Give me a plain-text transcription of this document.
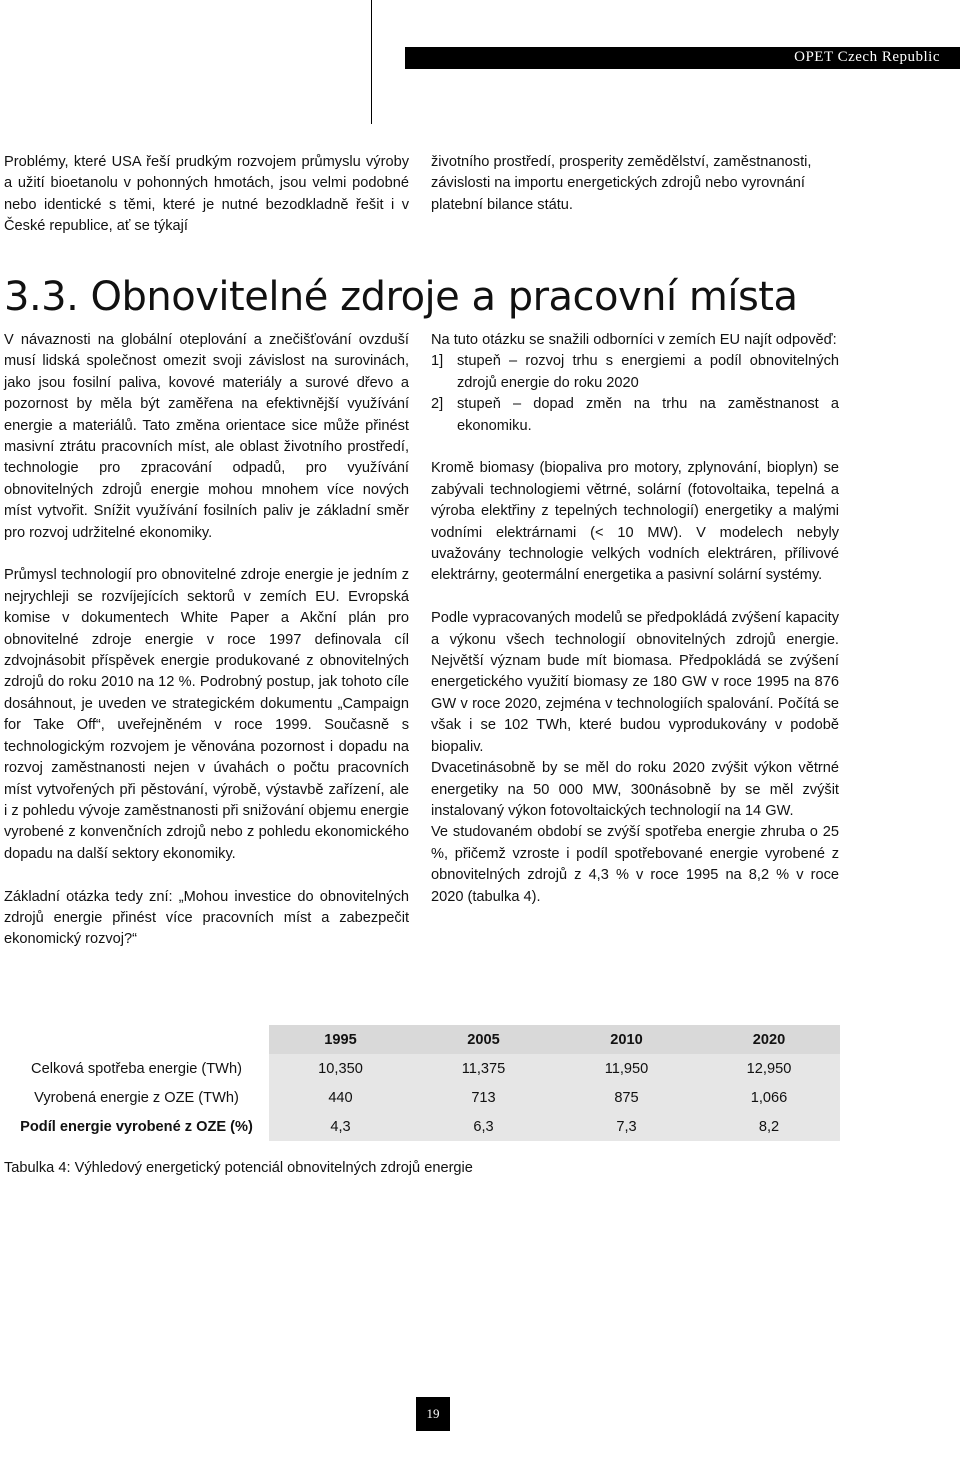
OPET Czech Republic

Problémy, které USA řeší prudkým rozvojem průmyslu výroby a užití bioetanolu v pohonných hmotách, jsou velmi podobné nebo identické s těmi, které je nutné bezodkladně řešit i v České republice, ať se týkají

životního prostředí, prosperity zemědělství, zaměstnanosti, závislosti na importu energetických zdrojů nebo vyrovnání platební bilance státu.

3.3. Obnovitelné zdroje a pracovní místa

V návaznosti na globální oteplování a znečišťování ovzduší musí lidská společnost omezit svoji závislost na surovinách, jako jsou fosilní paliva, kovové materiály a surové dřevo a pozornost by měla být zaměřena na efektivnější využívání energie a materiálů. Tato změna orientace sice může přinést masivní ztrátu pracovních míst, ale oblast životního prostředí, technologie pro zpracování odpadů, pro využívání obnovitelných zdrojů energie mohou mnohem více nových míst vytvořit. Snížit využívání fosilních paliv je základní směr pro rozvoj udržitelné ekonomiky.

Průmysl technologií pro obnovitelné zdroje energie je jedním z nejrychleji se rozvíjejících sektorů v zemích EU. Evropská komise v dokumentech White Paper a Akční plán pro obnovitelné zdroje energie v roce 1997 definovala cíl zdvojnásobit příspěvek energie produkované z obnovitelných zdrojů do roku 2010 na 12 %. Podrobný postup, jak tohoto cíle dosáhnout, je uveden ve strategickém dokumentu „Campaign for Take Off“, uveřejněném v roce 1999. Současně s technologickým rozvojem je věnována pozornost i dopadu na rozvoj zaměstnanosti nejen v úvahách o počtu pracovních míst vytvořených při pěstování, výrobě, výstavbě zařízení, ale i z pohledu vývoje zaměstnanosti při snižování objemu energie vyrobené z konvenčních zdrojů nebo z pohledu ekonomického dopadu na další sektory ekonomiky.

Základní otázka tedy zní: „Mohou investice do obnovitelných zdrojů energie přinést více pracovních míst a zabezpečit ekonomický rozvoj?“

Na tuto otázku se snažili odborníci v zemích EU najít odpověď:

1] stupeň – rozvoj trhu s energiemi a podíl obnovitelných zdrojů energie do roku 2020
2] stupeň – dopad změn na trhu na zaměstnanost a ekonomiku.

Kromě biomasy (biopaliva pro motory, zplynování, bioplyn) se zabývali technologiemi větrné, solární (fotovoltaika, tepelná a výroba elektřiny z tepelných technologií) energetiky a malými vodními elektrárnami (< 10 MW). V modelech nebyly uvažovány technologie velkých vodních elektráren, přílivové elektrárny, geotermální energetika a pasivní solární systémy.

Podle vypracovaných modelů se předpokládá zvýšení kapacity a výkonu všech technologií obnovitelných zdrojů energie. Největší význam bude mít biomasa. Předpokládá se zvýšení energetického využití biomasy ze 180 GW v roce 1995 na 876 GW v roce 2020, zejména v technologiích spalování. Počítá se však i se 102 TWh, které budou vyprodukovány v podobě biopaliv.

Dvacetinásobně by se měl do roku 2020 zvýšit výkon větrné energetiky na 50 000 MW, 300násobně by se měl zvýšit instalovaný výkon fotovoltaických technologií na 14 GW.

Ve studovaném období se zvýší spotřeba energie zhruba o 25 %, přičemž vzroste i podíl spotřebované energie vyrobené z obnovitelných zdrojů z 4,3 % v roce 1995 na 8,2 % v roce 2020 (tabulka 4).

	1995	2005	2010	2020
Celková spotřeba energie (TWh)	10,350	11,375	11,950	12,950
Vyrobená energie z OZE (TWh)	440	713	875	1,066
Podíl energie vyrobené z OZE (%)	4,3	6,3	7,3	8,2
Tabulka 4: Výhledový energetický potenciál obnovitelných zdrojů energie
19
